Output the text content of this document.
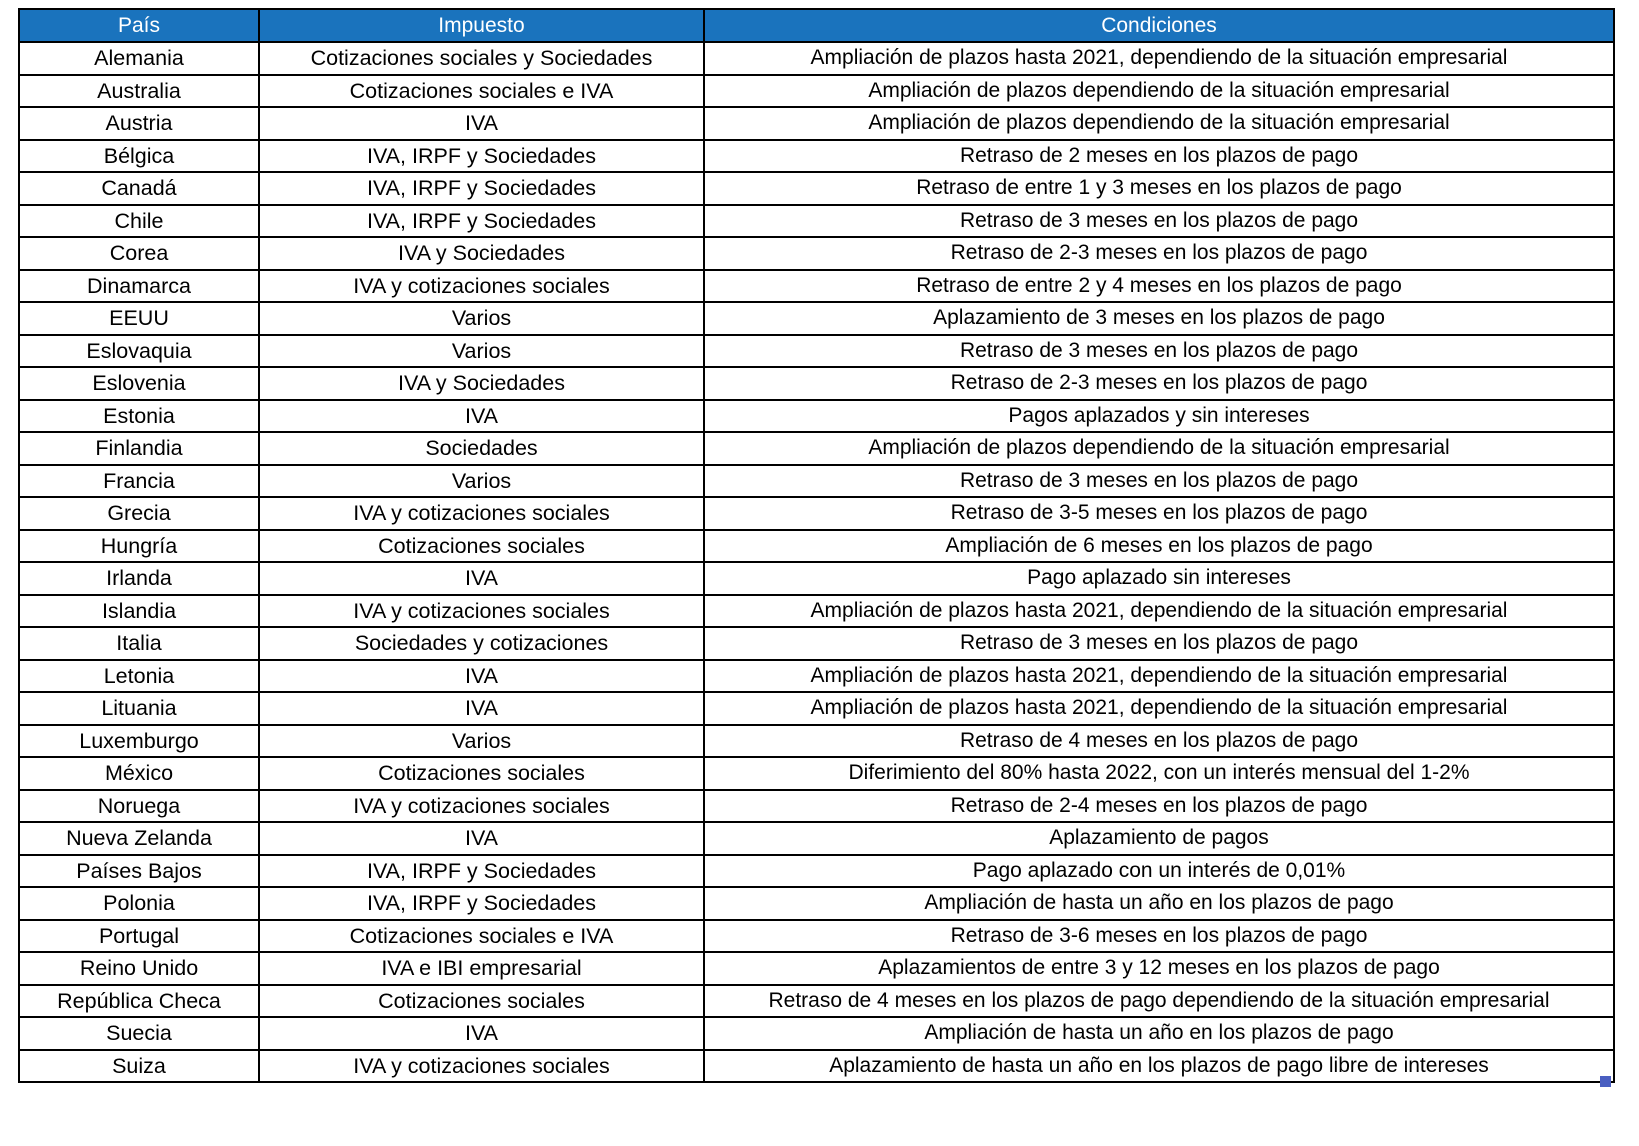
País	Impuesto	Condiciones
Alemania	Cotizaciones sociales y Sociedades	Ampliación de plazos hasta 2021, dependiendo de la situación empresarial
Australia	Cotizaciones sociales e IVA	Ampliación de plazos dependiendo de la situación empresarial
Austria	IVA	Ampliación de plazos dependiendo de la situación empresarial
Bélgica	IVA, IRPF y Sociedades	Retraso de 2 meses en los plazos de pago
Canadá	IVA, IRPF y Sociedades	Retraso de entre 1 y 3 meses en los plazos de pago
Chile	IVA, IRPF y Sociedades	Retraso de 3 meses en los plazos de pago
Corea	IVA y Sociedades	Retraso de 2-3 meses en los plazos de pago
Dinamarca	IVA y cotizaciones sociales	Retraso de entre 2 y 4 meses en los plazos de pago
EEUU	Varios	Aplazamiento de 3 meses en los plazos de pago
Eslovaquia	Varios	Retraso de 3 meses en los plazos de pago
Eslovenia	IVA y Sociedades	Retraso de 2-3 meses en los plazos de pago
Estonia	IVA	Pagos aplazados y sin intereses
Finlandia	Sociedades	Ampliación de plazos dependiendo de la situación empresarial
Francia	Varios	Retraso de 3 meses en los plazos de pago
Grecia	IVA y cotizaciones sociales	Retraso de 3-5 meses en los plazos de pago
Hungría	Cotizaciones sociales	Ampliación de 6 meses en los plazos de pago
Irlanda	IVA	Pago aplazado sin intereses
Islandia	IVA y cotizaciones sociales	Ampliación de plazos hasta 2021, dependiendo de la situación empresarial
Italia	Sociedades y cotizaciones	Retraso de 3 meses en los plazos de pago
Letonia	IVA	Ampliación de plazos hasta 2021, dependiendo de la situación empresarial
Lituania	IVA	Ampliación de plazos hasta 2021, dependiendo de la situación empresarial
Luxemburgo	Varios	Retraso de 4 meses en los plazos de pago
México	Cotizaciones sociales	Diferimiento del 80% hasta 2022, con un interés mensual del 1-2%
Noruega	IVA y cotizaciones sociales	Retraso de 2-4 meses en los plazos de pago
Nueva Zelanda	IVA	Aplazamiento de pagos
Países Bajos	IVA, IRPF y Sociedades	Pago aplazado con un interés de 0,01%
Polonia	IVA, IRPF y Sociedades	Ampliación de hasta un año en los plazos de pago
Portugal	Cotizaciones sociales e IVA	Retraso de 3-6 meses en los plazos de pago
Reino Unido	IVA e IBI empresarial	Aplazamientos de entre 3 y 12 meses en los plazos de pago
República Checa	Cotizaciones sociales	Retraso de 4 meses en los plazos de pago dependiendo de la situación empresarial
Suecia	IVA	Ampliación de hasta un año en los plazos de pago
Suiza	IVA y cotizaciones sociales	Aplazamiento de hasta un año en los plazos de pago libre de intereses
